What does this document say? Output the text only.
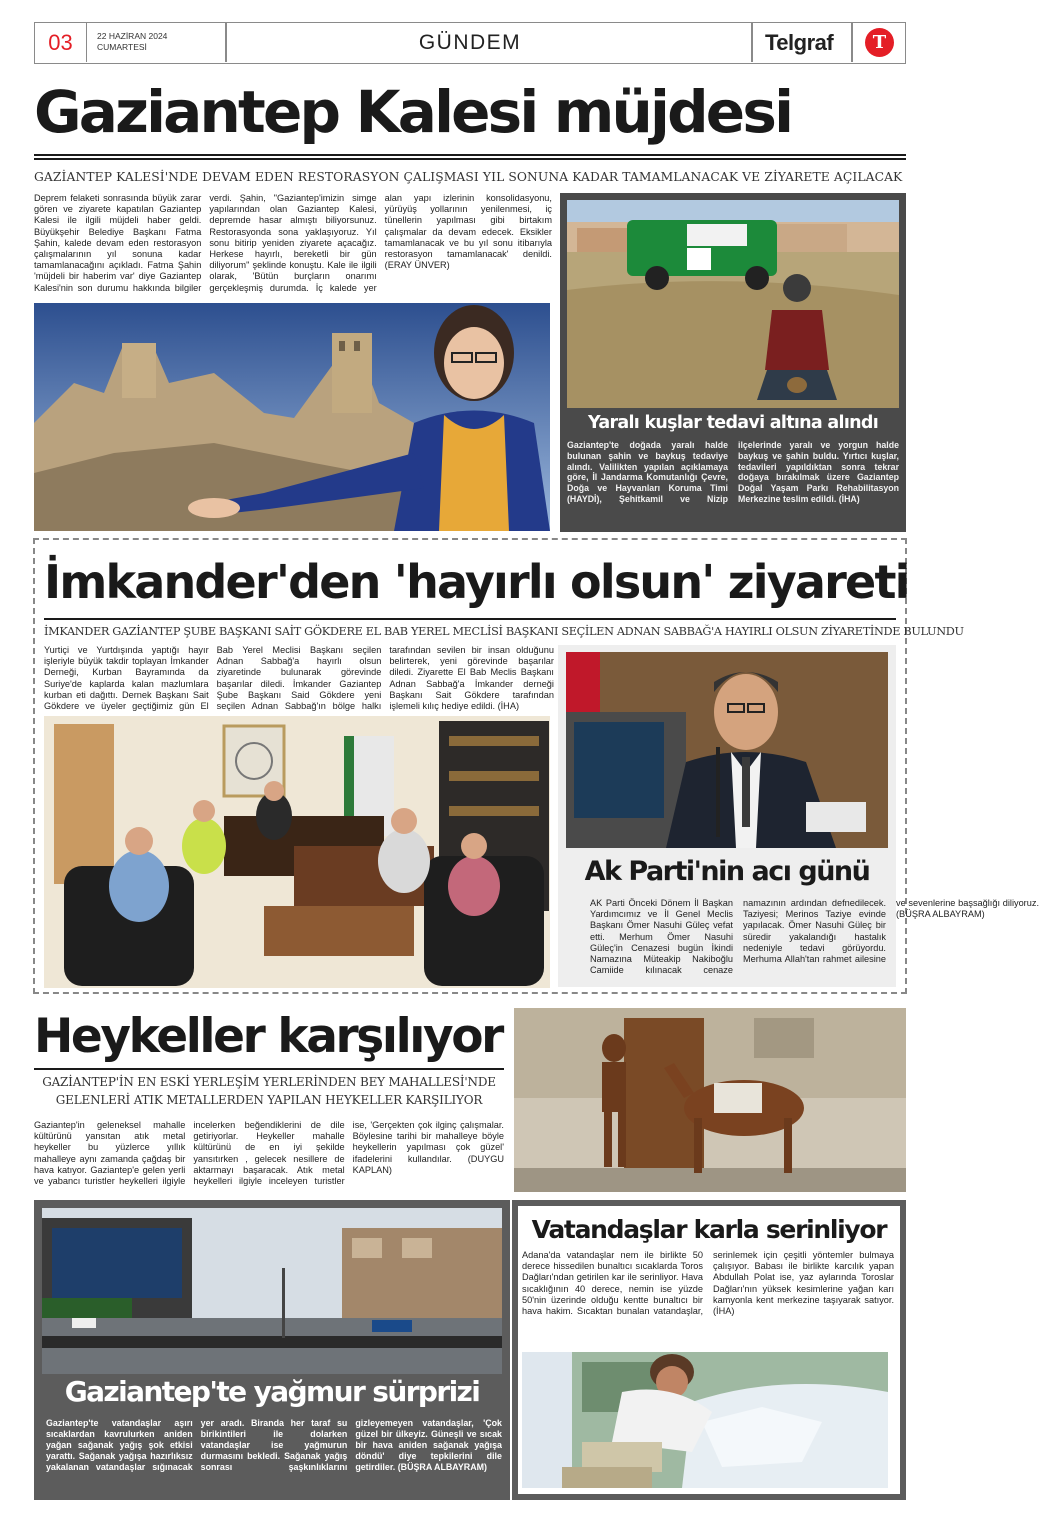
03	22 HAZİRAN 2024
CUMARTESİ	GÜNDEM	Telgraf	T
Gaziantep Kalesi müjdesi
GAZİANTEP KALESİ'NDE DEVAM EDEN RESTORASYON ÇALIŞMASI YIL SONUNA KADAR TAMAMLANACAK VE ZİYARETE AÇILACAK
Deprem felaketi sonrasında büyük zarar gören ve ziyarete kapatılan Gaziantep Kalesi ile ilgili müjdeli haber geldi. Büyükşehir Belediye Başkanı Fatma Şahin, kalede devam eden restorasyon çalışmalarının yıl sonuna kadar tamamlanacağını açıkladı. Fatma Şahin 'müjdeli bir haberim var' diye Gaziantep Kalesi'nin son durumu hakkında bilgiler verdi. Şahin, "Gaziantep'imizin simge yapılarından olan Gaziantep Kalesi, depremde hasar almıştı biliyorsunuz. Restorasyonda sona yaklaşıyoruz. Yıl sonu bitirip yeniden ziyarete açacağız. Herkese hayırlı, bereketli bir gün diliyorum" şeklinde konuştu. Kale ile ilgili olarak, 'Bütün burçların onarımı gerçekleşmiş durumda. İç kalede yer alan yapı izlerinin konsolidasyonu, yürüyüş yollarının yenilenmesi, iç tünellerin yapılması gibi birtakım çalışmalar da devam edecek. Eksikler tamamlanacak ve bu yıl sonu itibarıyla restorasyon tamamlanacak' denildi. (ERAY ÜNVER)
Yaralı kuşlar tedavi altına alındı
Gaziantep'te doğada yaralı halde bulunan şahin ve baykuş tedaviye alındı. Valilikten yapılan açıklamaya göre, İl Jandarma Komutanlığı Çevre, Doğa ve Hayvanları Koruma Timi (HAYDİ), Şehitkamil ve Nizip ilçelerinde yaralı ve yorgun halde baykuş ve şahin buldu. Yırtıcı kuşlar, tedavileri yapıldıktan sonra tekrar doğaya bırakılmak üzere Gaziantep Doğal Yaşam Parkı Rehabilitasyon Merkezine teslim edildi. (İHA)
İmkander'den 'hayırlı olsun' ziyareti
İMKANDER GAZİANTEP ŞUBE BAŞKANI SAİT GÖKDERE EL BAB YEREL MECLİSİ BAŞKANI SEÇİLEN ADNAN SABBAĞ'A HAYIRLI OLSUN ZİYARETİNDE BULUNDU
Yurtiçi ve Yurtdışında yaptığı hayır işleriyle büyük takdir toplayan İmkander Derneği, Kurban Bayramında da Suriye'de kaplarda kalan mazlumlara kurban eti dağıttı. Dernek Başkanı Sait Gökdere ve üyeler geçtiğimiz gün El Bab Yerel Meclisi Başkanı seçilen Adnan Sabbağ'a hayırlı olsun ziyaretinde bulunarak görevinde başarılar diledi. İmkander Gaziantep Şube Başkanı Said Gökdere yeni seçilen Adnan Sabbağ'ın bölge halkı tarafından sevilen bir insan olduğunu belirterek, yeni görevinde başarılar diledi. Ziyarette El Bab Meclis Başkanı Adnan Sabbağ'a İmkander derneği Başkanı Sait Gökdere tarafından işlemeli kılıç hediye edildi. (İHA)
Ak Parti'nin acı günü
AK Parti Önceki Dönem İl Başkan Yardımcımız ve İl Genel Meclis Başkanı Ömer Nasuhi Güleç vefat etti. Merhum Ömer Nasuhi Güleç'in Cenazesi bugün İkindi Namazına Müteakip Nakiboğlu Camiide kılınacak cenaze namazının ardından defnedilecek. Taziyesi; Merinos Taziye evinde yapılacak. Ömer Nasuhi Güleç bir süredir yakalandığı hastalık nedeniyle tedavi görüyordu. Merhuma Allah'tan rahmet ailesine ve sevenlerine başsağlığı diliyoruz. (BÜŞRA ALBAYRAM)
Heykeller karşılıyor
GAZİANTEP'İN EN ESKİ YERLEŞİM YERLERİNDEN BEY MAHALLESİ'NDE GELENLERİ ATIK METALLERDEN YAPILAN HEYKELLER KARŞILIYOR
Gaziantep'in geleneksel mahalle kültürünü yansıtan atık metal heykeller bu yüzlerce yıllık mahalleye aynı zamanda çağdaş bir hava katıyor. Gaziantep'e gelen yerli ve yabancı turistler heykelleri ilgiyle incelerken beğendiklerini de dile getiriyorlar. Heykeller mahalle kültürünü de en iyi şekilde yansıtırken , gelecek nesillere de aktarmayı başaracak. Atık metal heykelleri ilgiyle inceleyen turistler ise, 'Gerçekten çok ilginç çalışmalar. Böylesine tarihi bir mahalleye böyle heykellerin yapılması çok güzel' ifadelerini kullandılar. (DUYGU KAPLAN)
Gaziantep'te yağmur sürprizi
Gaziantep'te vatandaşlar aşırı sıcaklardan kavrulurken aniden yağan sağanak yağış şok etkisi yarattı. Sağanak yağışa hazırlıksız yakalanan vatandaşlar sığınacak yer aradı. Biranda her taraf su birikintileri ile dolarken vatandaşlar ise yağmurun durmasını bekledi. Sağanak yağış sonrası şaşkınlıklarını gizleyemeyen vatandaşlar, 'Çok güzel bir ülkeyiz. Güneşli ve sıcak bir hava aniden sağanak yağışa döndü' diye tepkilerini dile getirdiler. (BÜŞRA ALBAYRAM)
Vatandaşlar karla serinliyor
Adana'da vatandaşlar nem ile birlikte 50 derece hissedilen bunaltıcı sıcaklarda Toros Dağları'ndan getirilen kar ile serinliyor. Hava sıcaklığının 40 derece, nemin ise yüzde 50'nin üzerinde olduğu kentte bunaltıcı bir hava hakim. Sıcaktan bunalan vatandaşlar, serinlemek için çeşitli yöntemler bulmaya çalışıyor. Babası ile birlikte karcılık yapan Abdullah Polat ise, yaz aylarında Toroslar Dağları'nın yüksek kesimlerine yağan karı kamyonla kent merkezine taşıyarak satıyor. (İHA)
